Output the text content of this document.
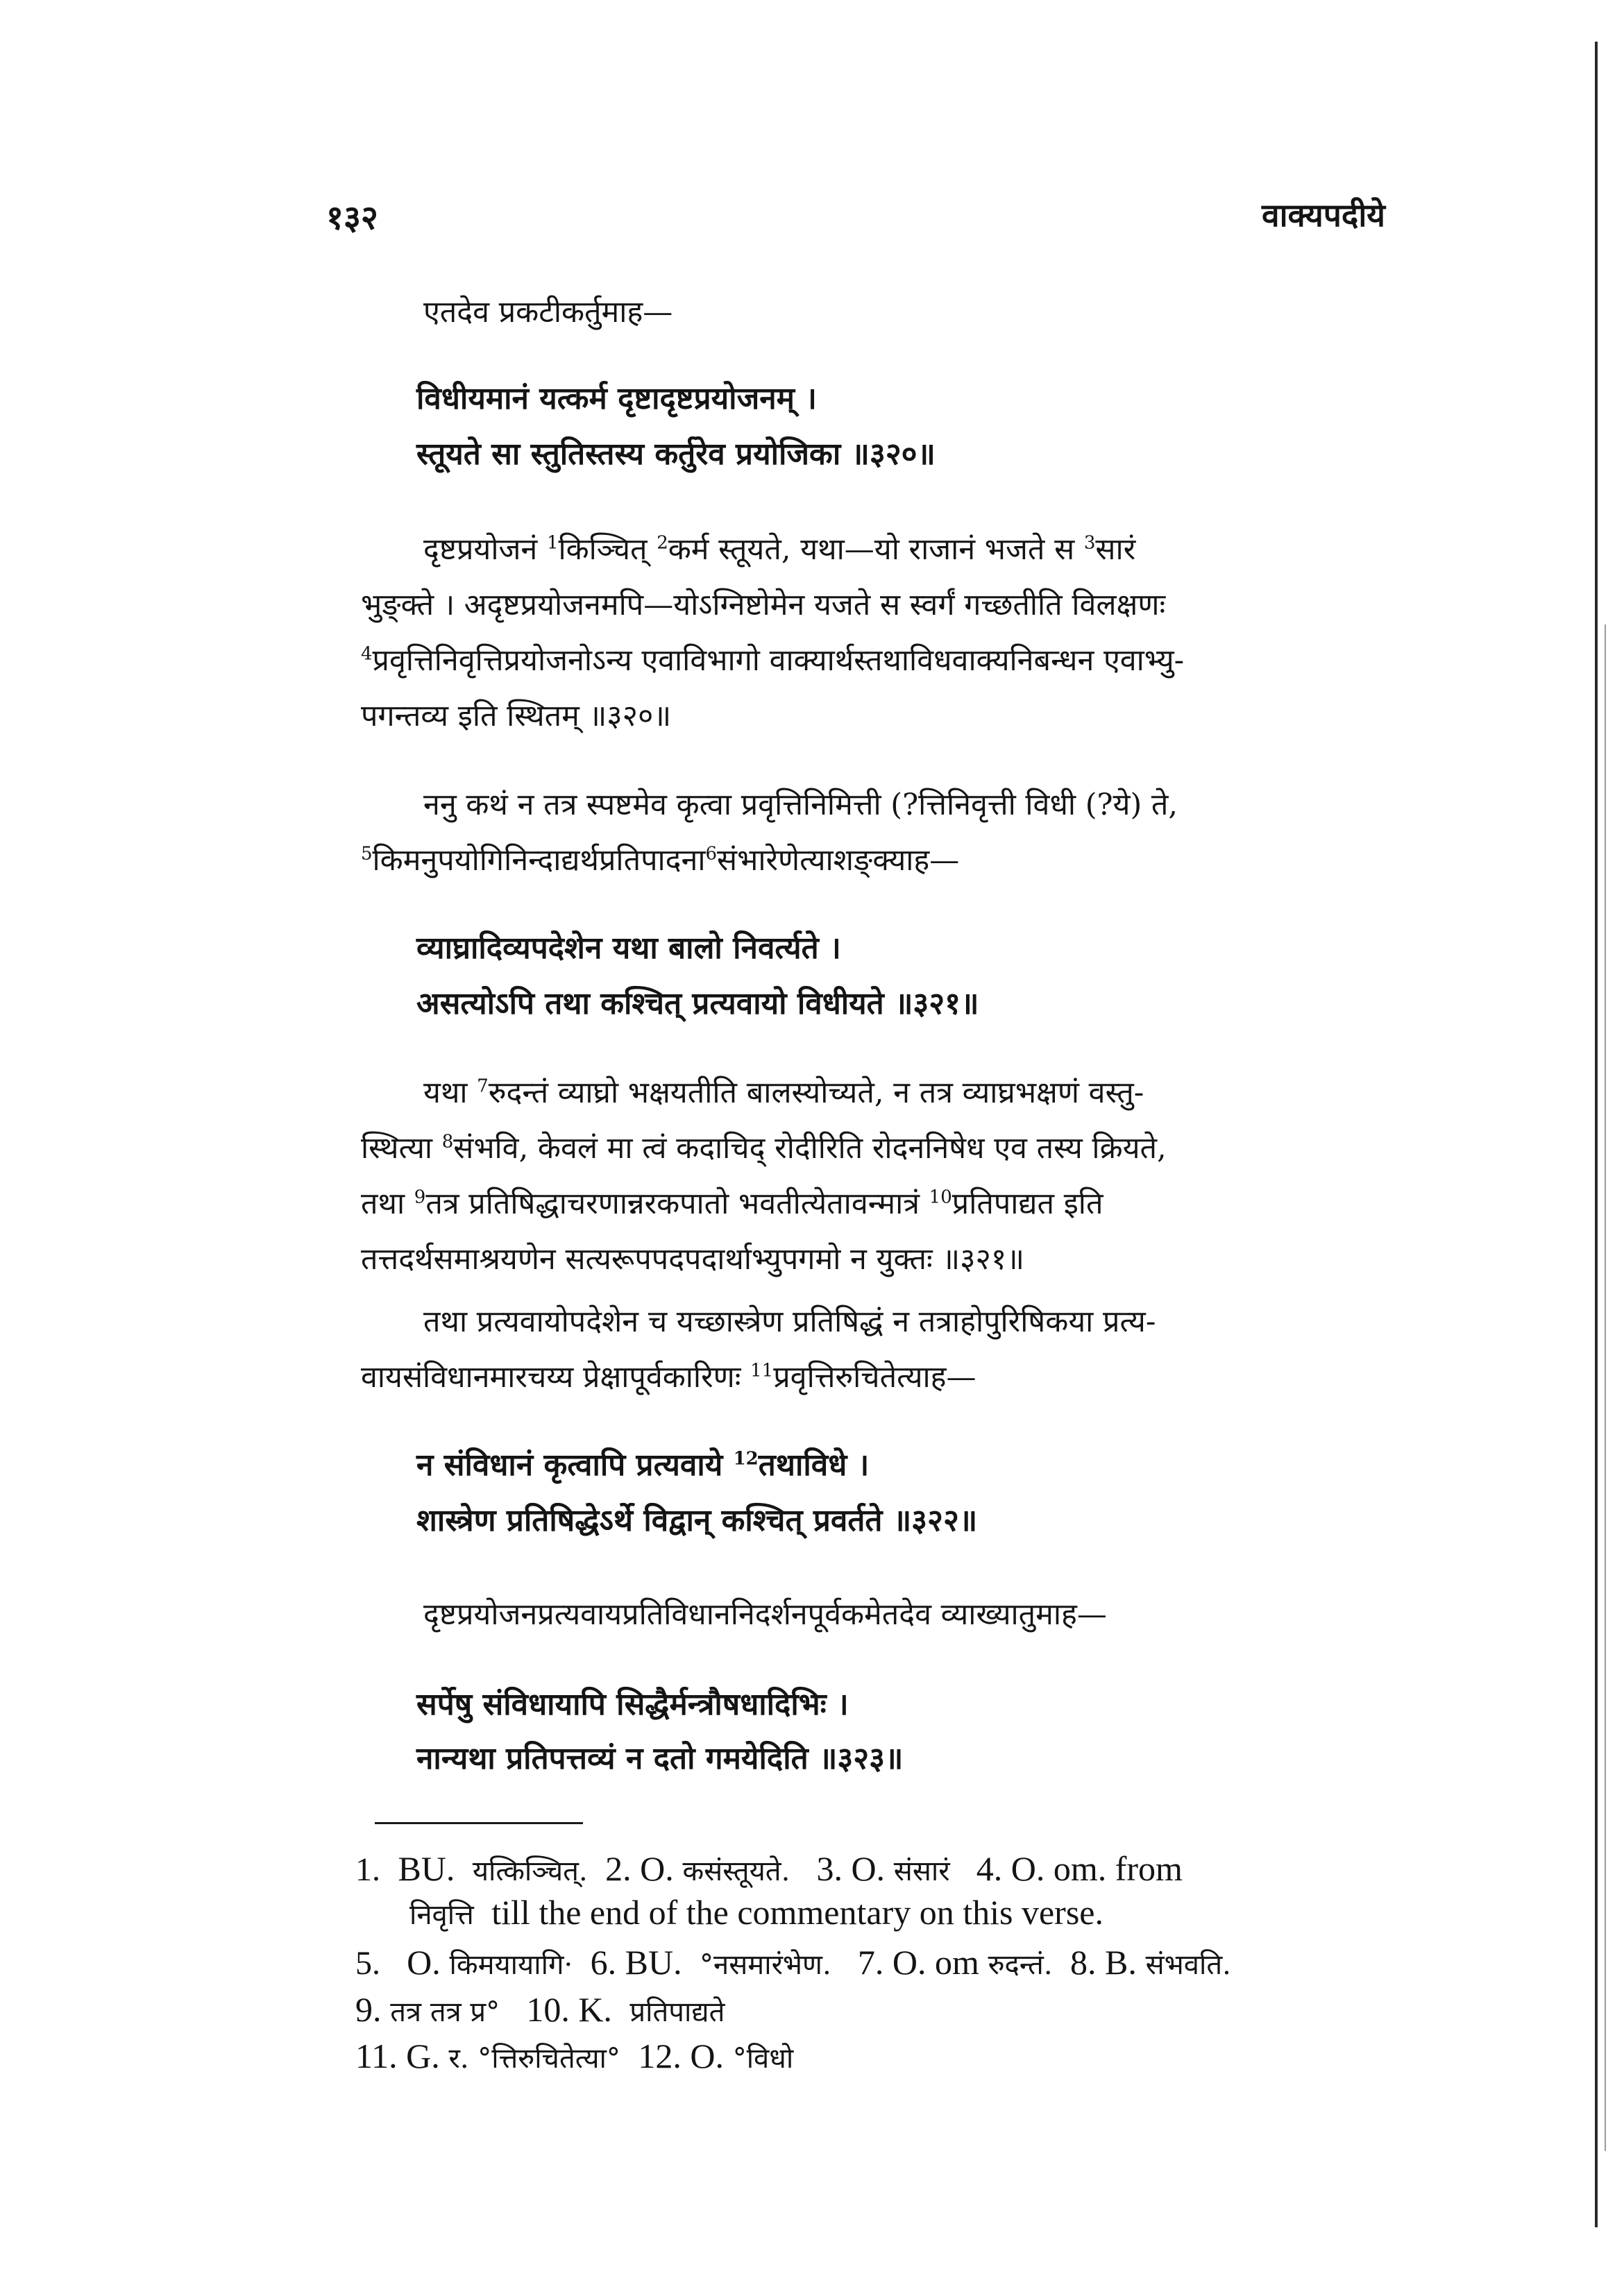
१३२	वाक्यपदीये
एतदेव प्रकटीकर्तुमाह—
विधीयमानं यत्कर्म दृष्टादृष्टप्रयोजनम् ।
स्तूयते सा स्तुतिस्तस्य कर्तुरेव प्रयोजिका ॥३२०॥
दृष्टप्रयोजनं $^1$किञ्चित् $^2$कर्म स्तूयते, यथा—यो राजानं भजते स $^3$सारं
भुङ्क्ते । अदृष्टप्रयोजनमपि—योऽग्निष्टोमेन यजते स स्वर्गं गच्छतीति विलक्षणः
$^4$प्रवृत्तिनिवृत्तिप्रयोजनोऽन्य एवाविभागो वाक्यार्थस्तथाविधवाक्यनिबन्धन एवाभ्यु-
पगन्तव्य इति स्थितम् ॥३२०॥
ननु कथं न तत्र स्पष्टमेव कृत्वा प्रवृत्तिनिमित्ती (?त्तिनिवृत्ती विधी (?ये) ते,
$^5$किमनुपयोगिनिन्दाद्यर्थप्रतिपादना$^6$संभारेणेत्याशङ्क्याह—
व्याघ्रादिव्यपदेशेन यथा बालो निवर्त्यते ।
असत्योऽपि तथा कश्चित् प्रत्यवायो विधीयते ॥३२१॥
यथा $^7$रुदन्तं व्याघ्रो भक्षयतीति बालस्योच्यते, न तत्र व्याघ्रभक्षणं वस्तु-
स्थित्या $^8$संभवि, केवलं मा त्वं कदाचिद् रोदीरिति रोदननिषेध एव तस्य क्रियते,
तथा $^9$तत्र प्रतिषिद्धाचरणान्नरकपातो भवतीत्येतावन्मात्रं $^{10}$प्रतिपाद्यत इति
तत्तदर्थसमाश्रयणेन सत्यरूपपदपदार्थाभ्युपगमो न युक्तः ॥३२१॥
तथा प्रत्यवायोपदेशेन च यच्छास्त्रेण प्रतिषिद्धं न तत्राहोपुरिषिकया प्रत्य-
वायसंविधानमारचय्य प्रेक्षापूर्वकारिणः $^{11}$प्रवृत्तिरुचितेत्याह—
न संविधानं कृत्वापि प्रत्यवाये $^{12}$तथाविधे ।
शास्त्रेण प्रतिषिद्धेऽर्थे विद्वान् कश्चित् प्रवर्तते ॥३२२॥
दृष्टप्रयोजनप्रत्यवायप्रतिविधाननिदर्शनपूर्वकमेतदेव व्याख्यातुमाह—
सर्पेषु संविधायापि सिद्धैर्मन्त्रौषधादिभिः ।
नान्यथा प्रतिपत्तव्यं न दतो गमयेदिति ॥३२३॥
1. BU. यत्किञ्चित्. 2. O. कसंस्तूयते. 3. O. संसारं 4. O. om. from
निवृत्ति till the end of the commentary on this verse.
5. O. किमयायागि· 6. BU. °नसमारंभेण. 7. O. om रुदन्तं. 8. B. संभवति.
9. तत्र तत्र प्र° 10. K. प्रतिपाद्यते
11. G. र. °त्तिरुचितेत्या° 12. O. °विधो
